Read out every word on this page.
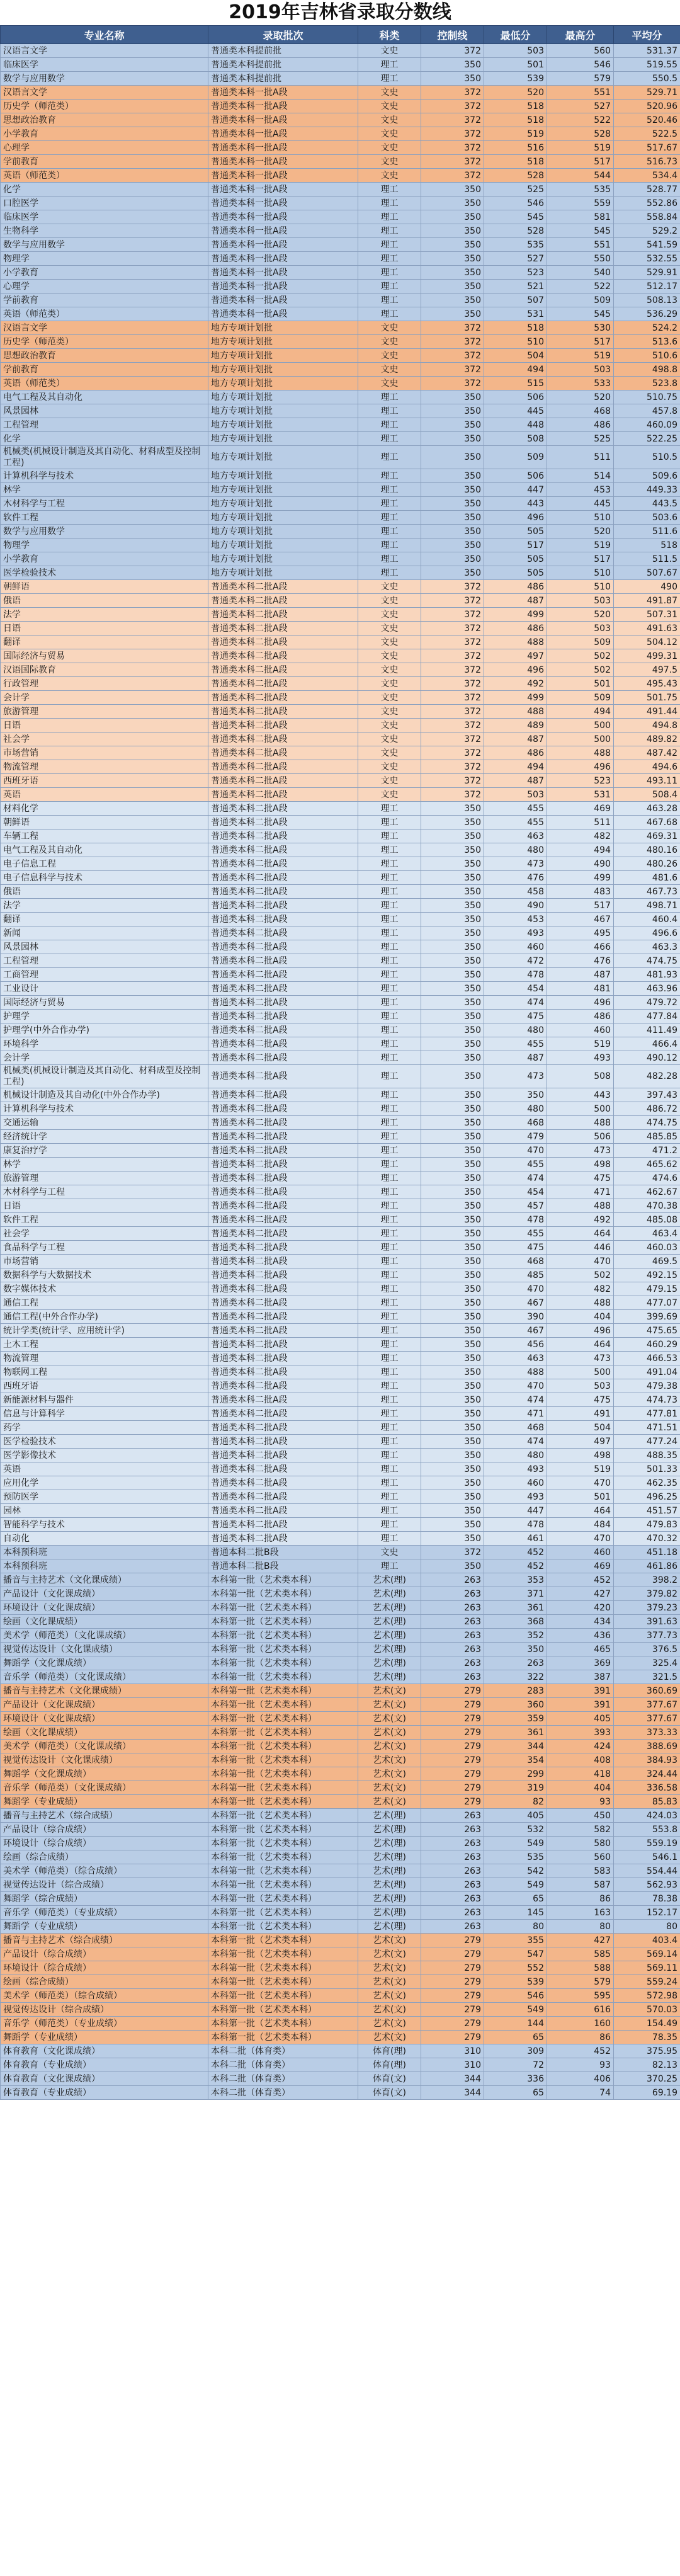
2019年吉林省录取分数线
专业名称	录取批次	科类	控制线	最低分	最高分	平均分
汉语言文学	普通类本科提前批	文史	372	503	560	531.37
临床医学	普通类本科提前批	理工	350	501	546	519.55
数学与应用数学	普通类本科提前批	理工	350	539	579	550.5
汉语言文学	普通类本科一批A段	文史	372	520	551	529.71
历史学（师范类）	普通类本科一批A段	文史	372	518	527	520.96
思想政治教育	普通类本科一批A段	文史	372	518	522	520.46
小学教育	普通类本科一批A段	文史	372	519	528	522.5
心理学	普通类本科一批A段	文史	372	516	519	517.67
学前教育	普通类本科一批A段	文史	372	518	517	516.73
英语（师范类）	普通类本科一批A段	文史	372	528	544	534.4
化学	普通类本科一批A段	理工	350	525	535	528.77
口腔医学	普通类本科一批A段	理工	350	546	559	552.86
临床医学	普通类本科一批A段	理工	350	545	581	558.84
生物科学	普通类本科一批A段	理工	350	528	545	529.2
数学与应用数学	普通类本科一批A段	理工	350	535	551	541.59
物理学	普通类本科一批A段	理工	350	527	550	532.55
小学教育	普通类本科一批A段	理工	350	523	540	529.91
心理学	普通类本科一批A段	理工	350	521	522	512.17
学前教育	普通类本科一批A段	理工	350	507	509	508.13
英语（师范类）	普通类本科一批A段	理工	350	531	545	536.29
汉语言文学	地方专项计划批	文史	372	518	530	524.2
历史学（师范类）	地方专项计划批	文史	372	510	517	513.6
思想政治教育	地方专项计划批	文史	372	504	519	510.6
学前教育	地方专项计划批	文史	372	494	503	498.8
英语（师范类）	地方专项计划批	文史	372	515	533	523.8
电气工程及其自动化	地方专项计划批	理工	350	506	520	510.75
风景园林	地方专项计划批	理工	350	445	468	457.8
工程管理	地方专项计划批	理工	350	448	486	460.09
化学	地方专项计划批	理工	350	508	525	522.25
机械类(机械设计制造及其自动化、材料成型及控制工程)	地方专项计划批	理工	350	509	511	510.5
计算机科学与技术	地方专项计划批	理工	350	506	514	509.6
林学	地方专项计划批	理工	350	447	453	449.33
木材科学与工程	地方专项计划批	理工	350	443	445	443.5
软件工程	地方专项计划批	理工	350	496	510	503.6
数学与应用数学	地方专项计划批	理工	350	505	520	511.6
物理学	地方专项计划批	理工	350	517	519	518
小学教育	地方专项计划批	理工	350	505	517	511.5
医学检验技术	地方专项计划批	理工	350	505	510	507.67
朝鲜语	普通类本科二批A段	文史	372	486	510	490
俄语	普通类本科二批A段	文史	372	487	503	491.87
法学	普通类本科二批A段	文史	372	499	520	507.31
日语	普通类本科二批A段	文史	372	486	503	491.63
翻译	普通类本科二批A段	文史	372	488	509	504.12
国际经济与贸易	普通类本科二批A段	文史	372	497	502	499.31
汉语国际教育	普通类本科二批A段	文史	372	496	502	497.5
行政管理	普通类本科二批A段	文史	372	492	501	495.43
会计学	普通类本科二批A段	文史	372	499	509	501.75
旅游管理	普通类本科二批A段	文史	372	488	494	491.44
日语	普通类本科二批A段	文史	372	489	500	494.8
社会学	普通类本科二批A段	文史	372	487	500	489.82
市场营销	普通类本科二批A段	文史	372	486	488	487.42
物流管理	普通类本科二批A段	文史	372	494	496	494.6
西班牙语	普通类本科二批A段	文史	372	487	523	493.11
英语	普通类本科二批A段	文史	372	503	531	508.4
材料化学	普通类本科二批A段	理工	350	455	469	463.28
朝鲜语	普通类本科二批A段	理工	350	455	511	467.68
车辆工程	普通类本科二批A段	理工	350	463	482	469.31
电气工程及其自动化	普通类本科二批A段	理工	350	480	494	480.16
电子信息工程	普通类本科二批A段	理工	350	473	490	480.26
电子信息科学与技术	普通类本科二批A段	理工	350	476	499	481.6
俄语	普通类本科二批A段	理工	350	458	483	467.73
法学	普通类本科二批A段	理工	350	490	517	498.71
翻译	普通类本科二批A段	理工	350	453	467	460.4
新闻	普通类本科二批A段	理工	350	493	495	496.6
风景园林	普通类本科二批A段	理工	350	460	466	463.3
工程管理	普通类本科二批A段	理工	350	472	476	474.75
工商管理	普通类本科二批A段	理工	350	478	487	481.93
工业设计	普通类本科二批A段	理工	350	454	481	463.96
国际经济与贸易	普通类本科二批A段	理工	350	474	496	479.72
护理学	普通类本科二批A段	理工	350	475	486	477.84
护理学(中外合作办学)	普通类本科二批A段	理工	350	480	460	411.49
环境科学	普通类本科二批A段	理工	350	455	519	466.4
会计学	普通类本科二批A段	理工	350	487	493	490.12
机械类(机械设计制造及其自动化、材料成型及控制工程)	普通类本科二批A段	理工	350	473	508	482.28
机械设计制造及其自动化(中外合作办学)	普通类本科二批A段	理工	350	350	443	397.43
计算机科学与技术	普通类本科二批A段	理工	350	480	500	486.72
交通运输	普通类本科二批A段	理工	350	468	488	474.75
经济统计学	普通类本科二批A段	理工	350	479	506	485.85
康复治疗学	普通类本科二批A段	理工	350	470	473	471.2
林学	普通类本科二批A段	理工	350	455	498	465.62
旅游管理	普通类本科二批A段	理工	350	474	475	474.6
木材科学与工程	普通类本科二批A段	理工	350	454	471	462.67
日语	普通类本科二批A段	理工	350	457	488	470.38
软件工程	普通类本科二批A段	理工	350	478	492	485.08
社会学	普通类本科二批A段	理工	350	455	464	463.4
食品科学与工程	普通类本科二批A段	理工	350	475	446	460.03
市场营销	普通类本科二批A段	理工	350	468	470	469.5
数据科学与大数据技术	普通类本科二批A段	理工	350	485	502	492.15
数字媒体技术	普通类本科二批A段	理工	350	470	482	479.15
通信工程	普通类本科二批A段	理工	350	467	488	477.07
通信工程(中外合作办学)	普通类本科二批A段	理工	350	390	404	399.69
统计学类(统计学、应用统计学)	普通类本科二批A段	理工	350	467	496	475.65
土木工程	普通类本科二批A段	理工	350	456	464	460.29
物流管理	普通类本科二批A段	理工	350	463	473	466.53
物联网工程	普通类本科二批A段	理工	350	488	500	491.04
西班牙语	普通类本科二批A段	理工	350	470	503	479.38
新能源材料与器件	普通类本科二批A段	理工	350	474	475	474.73
信息与计算科学	普通类本科二批A段	理工	350	471	491	477.81
药学	普通类本科二批A段	理工	350	468	504	471.51
医学检验技术	普通类本科二批A段	理工	350	474	497	477.24
医学影像技术	普通类本科二批A段	理工	350	480	498	488.35
英语	普通类本科二批A段	理工	350	493	519	501.33
应用化学	普通类本科二批A段	理工	350	460	470	462.35
预防医学	普通类本科二批A段	理工	350	493	501	496.25
园林	普通类本科二批A段	理工	350	447	464	451.57
智能科学与技术	普通类本科二批A段	理工	350	478	484	479.83
自动化	普通类本科二批A段	理工	350	461	470	470.32
本科预科班	普通本科二批B段	文史	372	452	460	451.18
本科预科班	普通本科二批B段	理工	350	452	469	461.86
播音与主持艺术（文化课成绩）	本科第一批（艺术类本科）	艺术(理)	263	353	452	398.2
产品设计（文化课成绩）	本科第一批（艺术类本科）	艺术(理)	263	371	427	379.82
环境设计（文化课成绩）	本科第一批（艺术类本科）	艺术(理)	263	361	420	379.23
绘画（文化课成绩）	本科第一批（艺术类本科）	艺术(理)	263	368	434	391.63
美术学（师范类）（文化课成绩）	本科第一批（艺术类本科）	艺术(理)	263	352	436	377.73
视觉传达设计（文化课成绩）	本科第一批（艺术类本科）	艺术(理)	263	350	465	376.5
舞蹈学（文化课成绩）	本科第一批（艺术类本科）	艺术(理)	263	263	369	325.4
音乐学（师范类）（文化课成绩）	本科第一批（艺术类本科）	艺术(理)	263	322	387	321.5
播音与主持艺术（文化课成绩）	本科第一批（艺术类本科）	艺术(文)	279	283	391	360.69
产品设计（文化课成绩）	本科第一批（艺术类本科）	艺术(文)	279	360	391	377.67
环境设计（文化课成绩）	本科第一批（艺术类本科）	艺术(文)	279	359	405	377.67
绘画（文化课成绩）	本科第一批（艺术类本科）	艺术(文)	279	361	393	373.33
美术学（师范类）（文化课成绩）	本科第一批（艺术类本科）	艺术(文)	279	344	424	388.69
视觉传达设计（文化课成绩）	本科第一批（艺术类本科）	艺术(文)	279	354	408	384.93
舞蹈学（文化课成绩）	本科第一批（艺术类本科）	艺术(文)	279	299	418	324.44
音乐学（师范类）（文化课成绩）	本科第一批（艺术类本科）	艺术(文)	279	319	404	336.58
舞蹈学（专业成绩）	本科第一批（艺术类本科）	艺术(文)	279	82	93	85.83
播音与主持艺术（综合成绩）	本科第一批（艺术类本科）	艺术(理)	263	405	450	424.03
产品设计（综合成绩）	本科第一批（艺术类本科）	艺术(理)	263	532	582	553.8
环境设计（综合成绩）	本科第一批（艺术类本科）	艺术(理)	263	549	580	559.19
绘画（综合成绩）	本科第一批（艺术类本科）	艺术(理)	263	535	560	546.1
美术学（师范类）（综合成绩）	本科第一批（艺术类本科）	艺术(理)	263	542	583	554.44
视觉传达设计（综合成绩）	本科第一批（艺术类本科）	艺术(理)	263	549	587	562.93
舞蹈学（综合成绩）	本科第一批（艺术类本科）	艺术(理)	263	65	86	78.38
音乐学（师范类）（专业成绩）	本科第一批（艺术类本科）	艺术(理)	263	145	163	152.17
舞蹈学（专业成绩）	本科第一批（艺术类本科）	艺术(理)	263	80	80	80
播音与主持艺术（综合成绩）	本科第一批（艺术类本科）	艺术(文)	279	355	427	403.4
产品设计（综合成绩）	本科第一批（艺术类本科）	艺术(文)	279	547	585	569.14
环境设计（综合成绩）	本科第一批（艺术类本科）	艺术(文)	279	552	588	569.11
绘画（综合成绩）	本科第一批（艺术类本科）	艺术(文)	279	539	579	559.24
美术学（师范类）（综合成绩）	本科第一批（艺术类本科）	艺术(文)	279	546	595	572.98
视觉传达设计（综合成绩）	本科第一批（艺术类本科）	艺术(文)	279	549	616	570.03
音乐学（师范类）（专业成绩）	本科第一批（艺术类本科）	艺术(文)	279	144	160	154.49
舞蹈学（专业成绩）	本科第一批（艺术类本科）	艺术(文)	279	65	86	78.35
体育教育（文化课成绩）	本科二批（体育类）	体育(理)	310	309	452	375.95
体育教育（专业成绩）	本科二批（体育类）	体育(理)	310	72	93	82.13
体育教育（文化课成绩）	本科二批（体育类）	体育(文)	344	336	406	370.25
体育教育（专业成绩）	本科二批（体育类）	体育(文)	344	65	74	69.19
